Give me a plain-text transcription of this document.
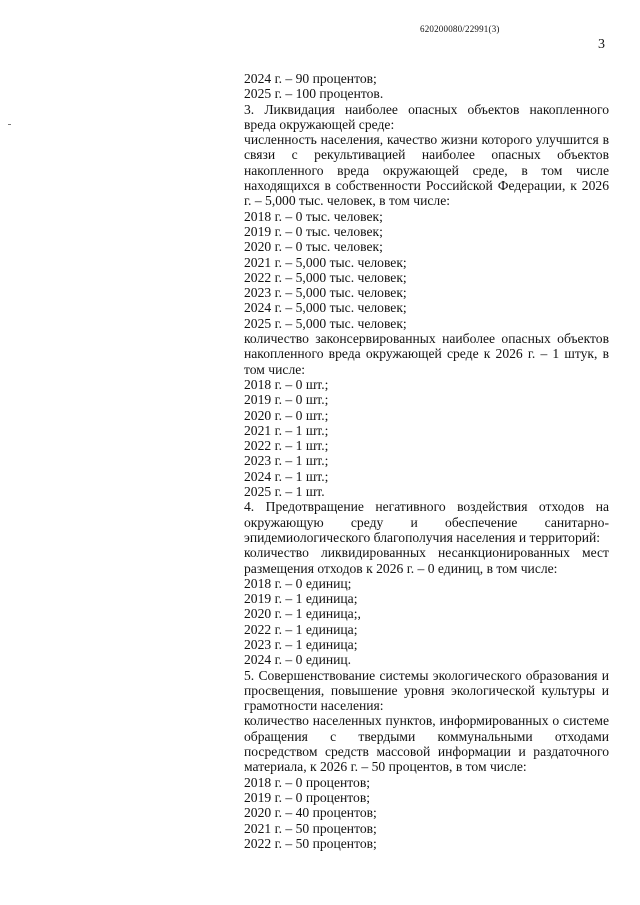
620200080/22991(3)
3

2024 г. – 90 процентов;

2025 г. – 100 процентов.

3. Ликвидация наиболее опасных объектов накопленного вреда окружающей среде:

численность населения, качество жизни которого улучшится в связи с рекультивацией наиболее опасных объектов накопленного вреда окружающей среде, в том числе находящихся в собственности Российской Федерации, к 2026 г. – 5,000 тыс. человек, в том числе:

2018 г. – 0 тыс. человек;

2019 г. – 0 тыс. человек;

2020 г. – 0 тыс. человек;

2021 г. – 5,000 тыс. человек;

2022 г. – 5,000 тыс. человек;

2023 г. – 5,000 тыс. человек;

2024 г. – 5,000 тыс. человек;

2025 г. – 5,000 тыс. человек;

количество законсервированных наиболее опасных объектов накопленного вреда окружающей среде к 2026 г. – 1 штук, в том числе:

2018 г. – 0 шт.;

2019 г. – 0 шт.;

2020 г. – 0 шт.;

2021 г. – 1 шт.;

2022 г. – 1 шт.;

2023 г. – 1 шт.;

2024 г. – 1 шт.;

2025 г. – 1 шт.

4. Предотвращение негативного воздействия отходов на окружающую среду и обеспечение санитарно-эпидемиологического благополучия населения и территорий:

количество ликвидированных несанкционированных мест размещения отходов к 2026 г. – 0 единиц, в том числе:

2018 г. – 0 единиц;

2019 г. – 1 единица;

2020 г. – 1 единица;,

2022 г. – 1 единица;

2023 г. – 1 единица;

2024 г. – 0 единиц.

5. Совершенствование системы экологического образования и просвещения, повышение уровня экологической культуры и грамотности населения:

количество населенных пунктов, информированных о системе обращения с твердыми коммунальными отходами посредством средств массовой информации и раздаточного материала, к 2026 г. – 50 процентов, в том числе:

2018 г. – 0 процентов;

2019 г. – 0 процентов;

2020 г. – 40 процентов;

2021 г. – 50 процентов;

2022 г. – 50 процентов;
